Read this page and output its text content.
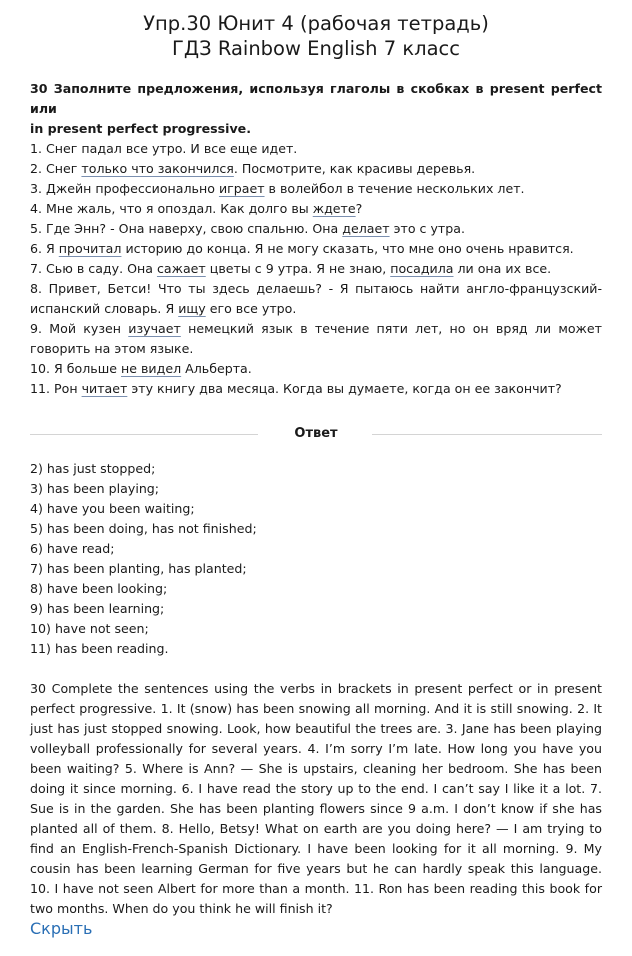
Упр.30 Юнит 4 (рабочая тетрадь)
ГДЗ Rainbow English 7 класс
30 Заполните предложения, используя глаголы в скобках в present perfect или
in present perfect progressive.
1. Снег падал все утро. И все еще идет.
2. Снег только что закончился. Посмотрите, как красивы деревья.
3. Джейн профессионально играет в волейбол в течение нескольких лет.
4. Мне жаль, что я опоздал. Как долго вы ждете?
5. Где Энн? - Она наверху, свою спальню. Она делает это с утра.
6. Я прочитал историю до конца. Я не могу сказать, что мне оно очень нравится.
7. Сью в саду. Она сажает цветы с 9 утра. Я не знаю, посадила ли она их все.
8. Привет, Бетси! Что ты здесь делаешь? - Я пытаюсь найти англо-французский-
испанский словарь. Я ищу его все утро.
9. Мой кузен изучает немецкий язык в течение пяти лет, но он вряд ли может
говорить на этом языке.
10. Я больше не видел Альберта.
11. Рон читает эту книгу два месяца. Когда вы думаете, когда он ее закончит?
Ответ
2) has just stopped;
3) has been playing;
4) have you been waiting;
5) has been doing, has not finished;
6) have read;
7) has been planting, has planted;
8) have been looking;
9) has been learning;
10) have not seen;
11) has been reading.
30 Complete the sentences using the verbs in brackets in present perfect or in present perfect progressive. 1. It (snow) has been snowing all morning. And it is still snowing. 2. It just has just stopped snowing. Look, how beautiful the trees are. 3. Jane has been playing volleyball professionally for several years. 4. I’m sorry I’m late. How long you have you been waiting? 5. Where is Ann? — She is upstairs, cleaning her bedroom. She has been doing it since morning. 6. I have read the story up to the end. I can’t say I like it a lot. 7. Sue is in the garden. She has been planting flowers since 9 a.m. I don’t know if she has planted all of them. 8. Hello, Betsy! What on earth are you doing here? — I am trying to find an English-French-Spanish Dictionary. I have been looking for it all morning. 9. My cousin has been learning German for five years but he can hardly speak this language. 10. I have not seen Albert for more than a month. 11. Ron has been reading this book for two months. When do you think he will finish it?
Скрыть
